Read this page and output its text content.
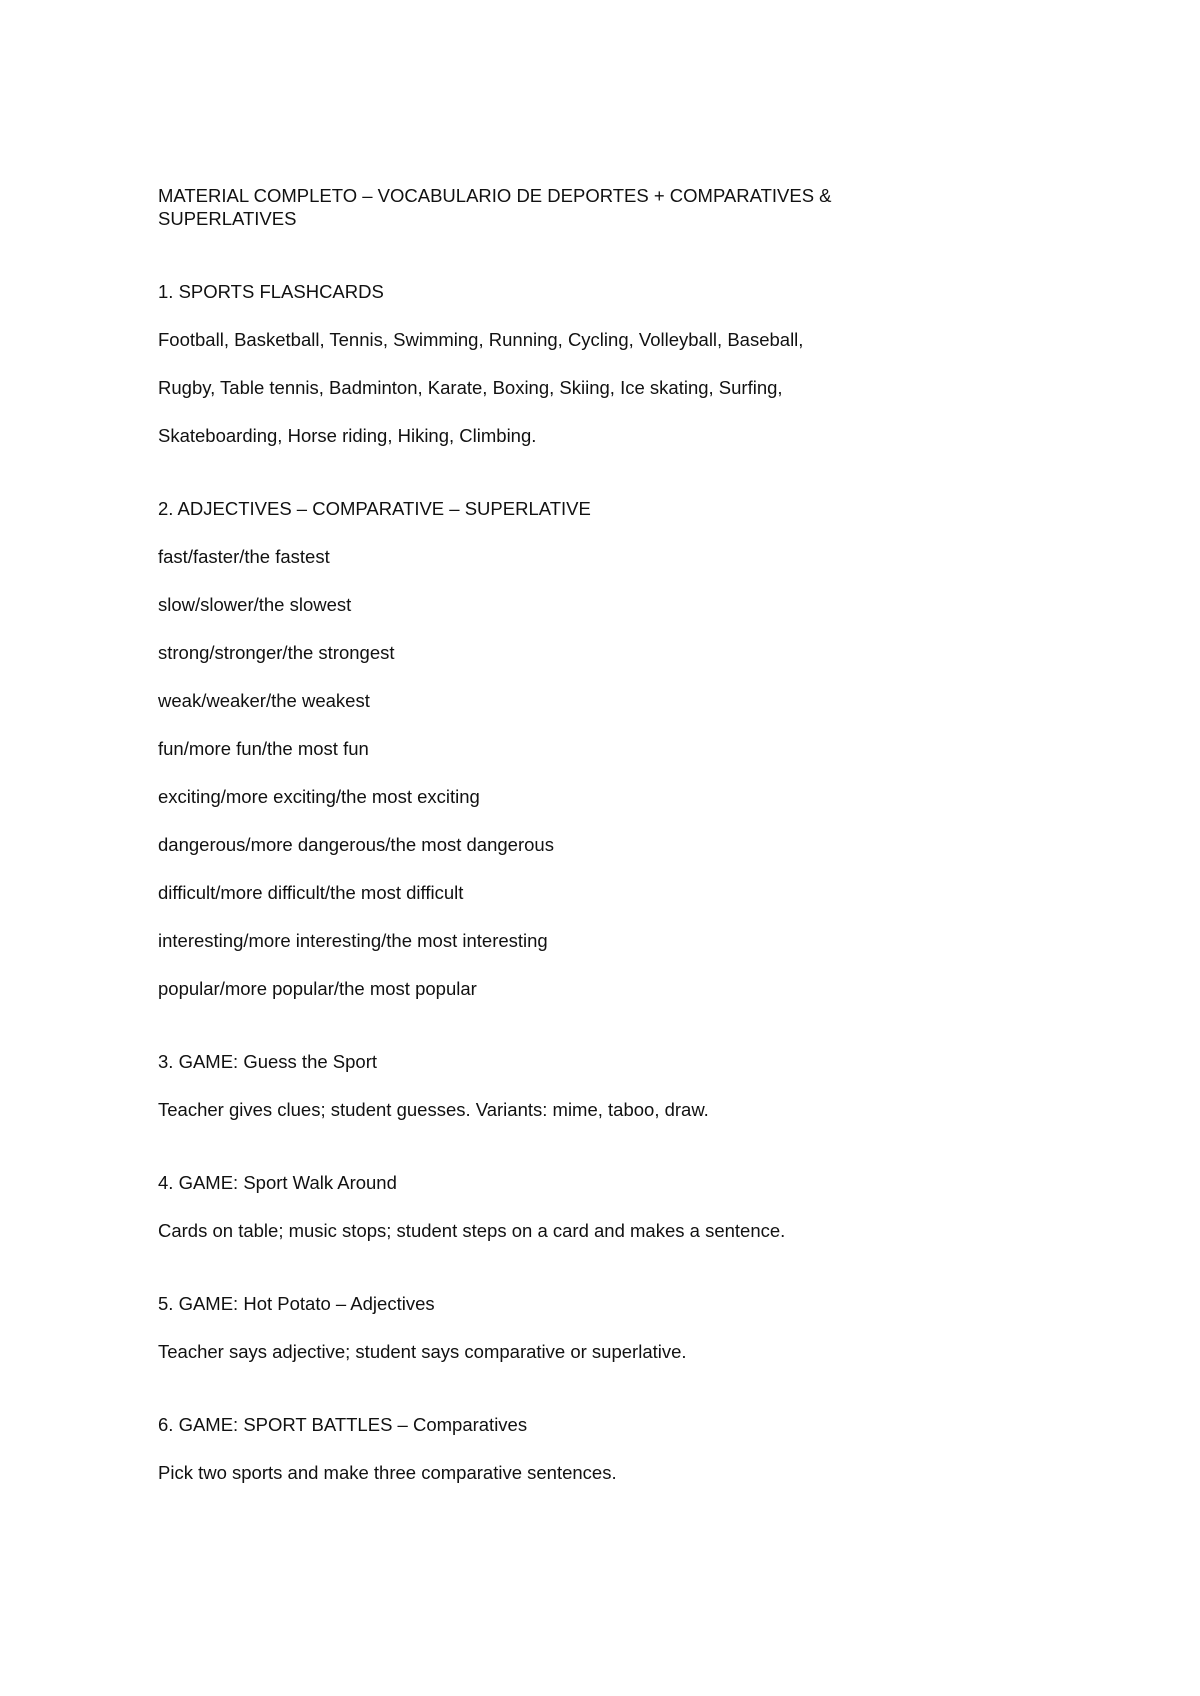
MATERIAL COMPLETO – VOCABULARIO DE DEPORTES + COMPARATIVES &

SUPERLATIVES

1. SPORTS FLASHCARDS

Football, Basketball, Tennis, Swimming, Running, Cycling, Volleyball, Baseball,

Rugby, Table tennis, Badminton, Karate, Boxing, Skiing, Ice skating, Surfing,

Skateboarding, Horse riding, Hiking, Climbing.

2. ADJECTIVES – COMPARATIVE – SUPERLATIVE

fast/faster/the fastest

slow/slower/the slowest

strong/stronger/the strongest

weak/weaker/the weakest

fun/more fun/the most fun

exciting/more exciting/the most exciting

dangerous/more dangerous/the most dangerous

difficult/more difficult/the most difficult

interesting/more interesting/the most interesting

popular/more popular/the most popular

3. GAME: Guess the Sport

Teacher gives clues; student guesses. Variants: mime, taboo, draw.

4. GAME: Sport Walk Around

Cards on table; music stops; student steps on a card and makes a sentence.

5. GAME: Hot Potato – Adjectives

Teacher says adjective; student says comparative or superlative.

6. GAME: SPORT BATTLES – Comparatives

Pick two sports and make three comparative sentences.
